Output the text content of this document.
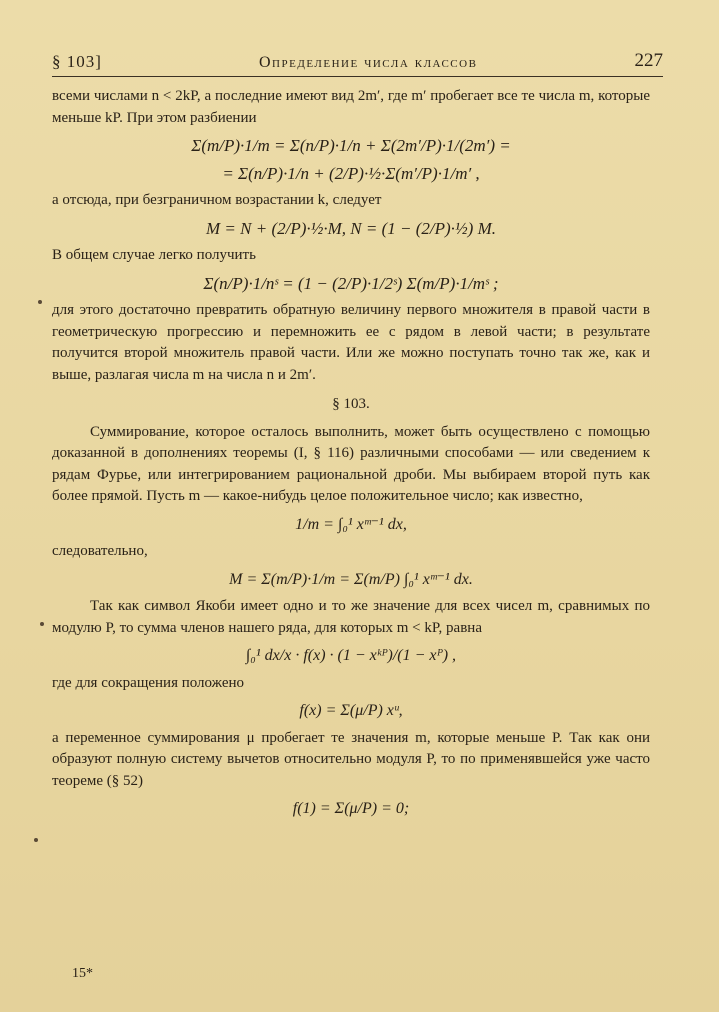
§ 103]	Определение числа классов	227

всеми числами n < 2kP, а последние имеют вид 2m′, где m′ пробегает все те числа m, которые меньше kP. При этом разбиении

Σ(m/P)·1/m = Σ(n/P)·1/n + Σ(2m′/P)·1/(2m′) =
= Σ(n/P)·1/n + (2/P)·½·Σ(m′/P)·1/m′ ,

а отсюда, при безграничном возрастании k, следует

M = N + (2/P)·½·M, N = (1 − (2/P)·½) M.

В общем случае легко получить

Σ(n/P)·1/nˢ = (1 − (2/P)·1/2ˢ) Σ(m/P)·1/mˢ ;

для этого достаточно превратить обратную величину первого множителя в правой части в геометрическую прогрессию и перемножить ее с рядом в левой части; в результате получится второй множитель правой части. Или же можно поступать точно так же, как и выше, разлагая числа m на числа n и 2m′.

§ 103.

Суммирование, которое осталось выполнить, может быть осуществлено с помощью доказанной в дополнениях теоремы (I, § 116) различными способами — или сведением к рядам Фурье, или интегрированием рациональной дроби. Мы выбираем второй путь как более прямой. Пусть m — какое-нибудь целое положительное число; как известно,

1/m = ∫₀¹ xᵐ⁻¹ dx,

следовательно,

M = Σ(m/P)·1/m = Σ(m/P) ∫₀¹ xᵐ⁻¹ dx.

Так как символ Якоби имеет одно и то же значение для всех чисел m, сравнимых по модулю P, то сумма членов нашего ряда, для которых m < kP, равна

∫₀¹ dx/x · f(x) · (1 − xᵏᴾ)/(1 − xᴾ) ,

где для сокращения положено

f(x) = Σ(μ/P) xᵘ,

а переменное суммирования μ пробегает те значения m, которые меньше P. Так как они образуют полную систему вычетов относительно модуля P, то по применявшейся уже часто теореме (§ 52)

f(1) = Σ(μ/P) = 0;
15*
